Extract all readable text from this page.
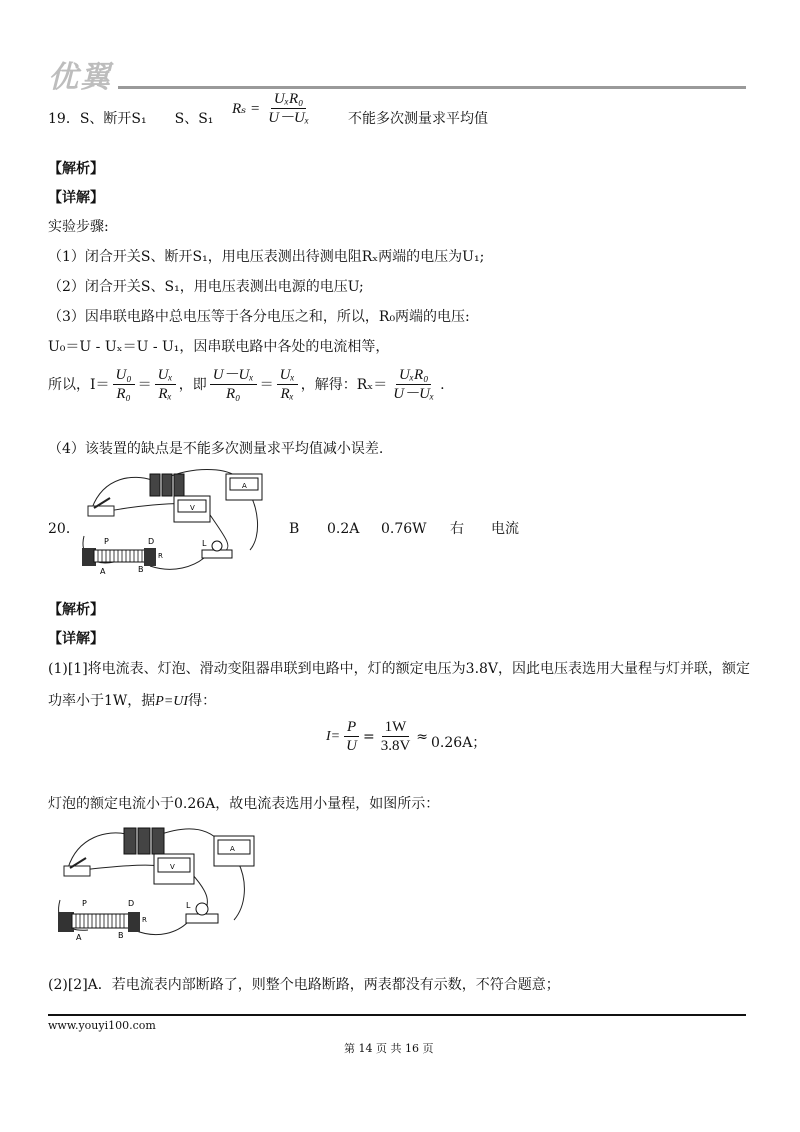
优翼
19．S、断开S₁　　S、S₁
$R_s = \frac{\text{UₓR₀}}{\text{U－Uₓ}}$	不能多次测量求平均值
【解析】
【详解】
实验步骤:
（1）闭合开关S、断开S₁，用电压表测出待测电阻Rₓ两端的电压为U₁;
（2）闭合开关S、S₁，用电压表测出电源的电压U;
（3）因串联电路中总电压等于各分电压之和，所以，R₀两端的电压:
U₀＝U - Uₓ＝U - U₁，因串联电路中各处的电流相等，
所以，$I= \frac{\text{U₀}}{\text{R₀}} = \frac{\text{Uₓ}}{\text{Rₓ}}$ ，即 $\frac{\text{U－Uₓ}}{\text{R₀}} = \frac{\text{Uₓ}}{\text{Rₓ}}$ ，解得：$R_x= \frac{\text{UₓR₀}}{\text{U－Uₓ}}$ .
（4）该装置的缺点是不能多次测量求平均值减小误差.
20．
V
A
P	D
A	B
R
L
B 0.2A 0.76W 右 电流
【解析】
【详解】
(1)[1]将电流表、灯泡、滑动变阻器串联到电路中，灯的额定电压为3.8V，因此电压表选用大量程与灯并联，额定
功率小于1W，据P=UI得：
$I= \frac{P}{U} = \frac{1W}{3.8V} \approx 0.26A$；
灯泡的额定电流小于0.26A，故电流表选用小量程，如图所示：
V
A
P	D
A	B
R
L
(2)[2]A．若电流表内部断路了，则整个电路断路，两表都没有示数，不符合题意；
www.youyi100.com
第 14 页 共 16 页
